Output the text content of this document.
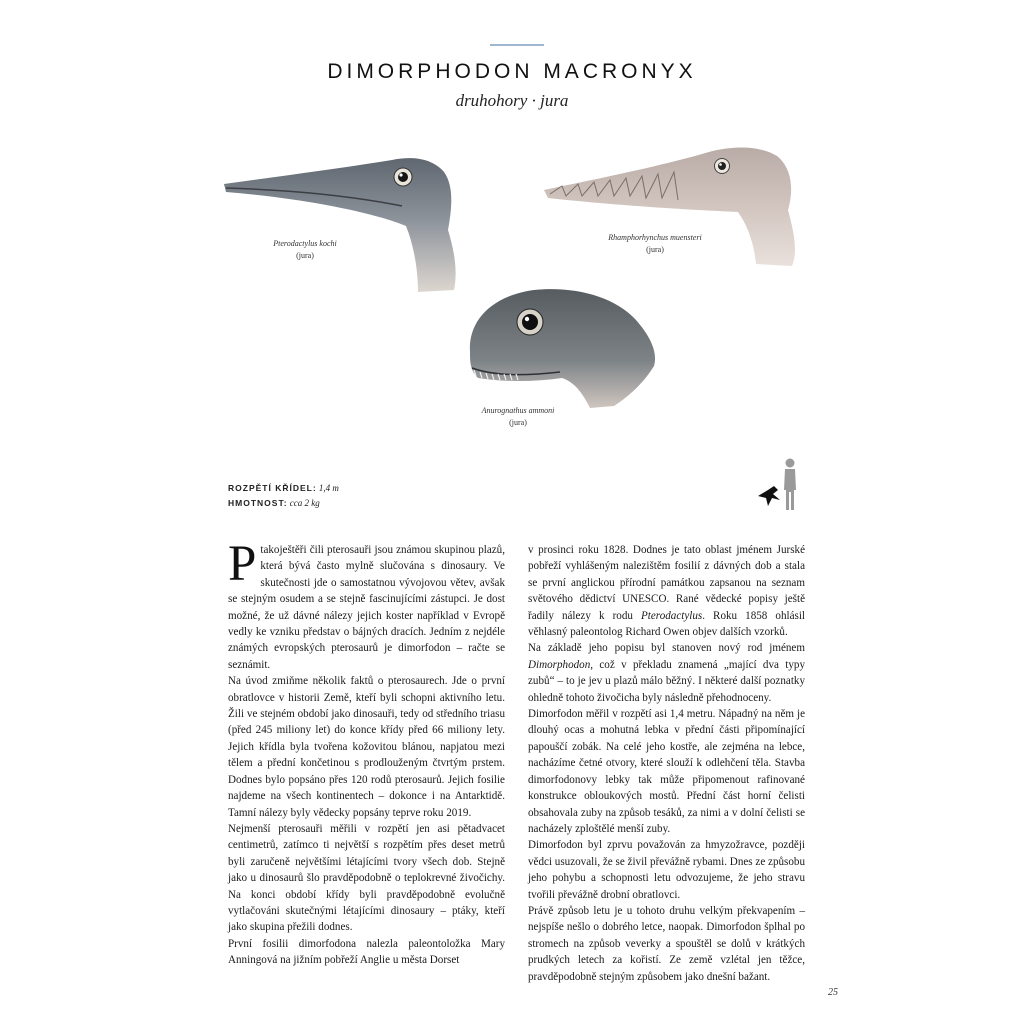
DIMORPHODON MACRONYX
druhohory · jura
Pterodactylus kochi
(jura)
Rhamphorhynchus muensteri
(jura)
Anurognathus ammoni
(jura)
ROZPĚTÍ KŘÍDEL: 1,4 m
HMOTNOST: cca 2 kg

Ptakoještěři čili pterosauři jsou známou skupinou plazů, která bývá často mylně slučována s dinosaury. Ve skutečnosti jde o samostatnou vývojovou větev, avšak se stejným osudem a se stejně fascinujícími zástupci. Je dost možné, že už dávné nálezy jejich koster například v Evropě vedly ke vzniku představ o bájných dracích. Jedním z nejdéle známých evropských pterosaurů je dimorfodon – račte se seznámit.

Na úvod zmiňme několik faktů o pterosaurech. Jde o první obratlovce v historii Země, kteří byli schopni aktivního letu. Žili ve stejném období jako dinosauři, tedy od středního triasu (před 245 miliony let) do konce křídy před 66 miliony lety. Jejich křídla byla tvořena kožovitou blánou, napjatou mezi tělem a přední končetinou s prodlouženým čtvrtým prstem. Dodnes bylo popsáno přes 120 rodů pterosaurů. Jejich fosilie najdeme na všech kontinentech – dokonce i na Antarktidě. Tamní nálezy byly vědecky popsány teprve roku 2019.

Nejmenší pterosauři měřili v rozpětí jen asi pětadvacet centimetrů, zatímco ti největší s rozpětím přes deset metrů byli zaručeně největšími létajícími tvory všech dob. Stejně jako u dinosaurů šlo pravděpodobně o teplokrevné živočichy. Na konci období křídy byli pravděpodobně evolučně vytlačováni skutečnými létajícími dinosaury – ptáky, kteří jako skupina přežili dodnes.

První fosilii dimorfodona nalezla paleontoložka Mary Anningová na jižním pobřeží Anglie u města Dorset

v prosinci roku 1828. Dodnes je tato oblast jménem Jurské pobřeží vyhlášeným nalezištěm fosilií z dávných dob a stala se první anglickou přírodní památkou zapsanou na seznam světového dědictví UNESCO. Rané vědecké popisy ještě řadily nálezy k rodu Pterodactylus. Roku 1858 ohlásil věhlasný paleontolog Richard Owen objev dalších vzorků.

Na základě jeho popisu byl stanoven nový rod jménem Dimorphodon, což v překladu znamená „mající dva typy zubů“ – to je jev u plazů málo běžný. I některé další poznatky ohledně tohoto živočicha byly následně přehodnoceny.

Dimorfodon měřil v rozpětí asi 1,4 metru. Nápadný na něm je dlouhý ocas a mohutná lebka v přední části připomínající papouščí zobák. Na celé jeho kostře, ale zejména na lebce, nacházíme četné otvory, které slouží k odlehčení těla. Stavba dimorfodonovy lebky tak může připomenout rafinované konstrukce obloukových mostů. Přední část horní čelisti obsahovala zuby na způsob tesáků, za nimi a v dolní čelisti se nacházely zploštělé menší zuby.

Dimorfodon byl zprvu považován za hmyzožravce, později vědci usuzovali, že se živil převážně rybami. Dnes ze způsobu jeho pohybu a schopnosti letu odvozujeme, že jeho stravu tvořili převážně drobní obratlovci.

Právě způsob letu je u tohoto druhu velkým překvapením – nejspíše nešlo o dobrého letce, naopak. Dimorfodon šplhal po stromech na způsob veverky a spouštěl se dolů v krátkých prudkých letech za kořistí. Ze země vzlétal jen těžce, pravděpodobně stejným způsobem jako dnešní bažant.

25
